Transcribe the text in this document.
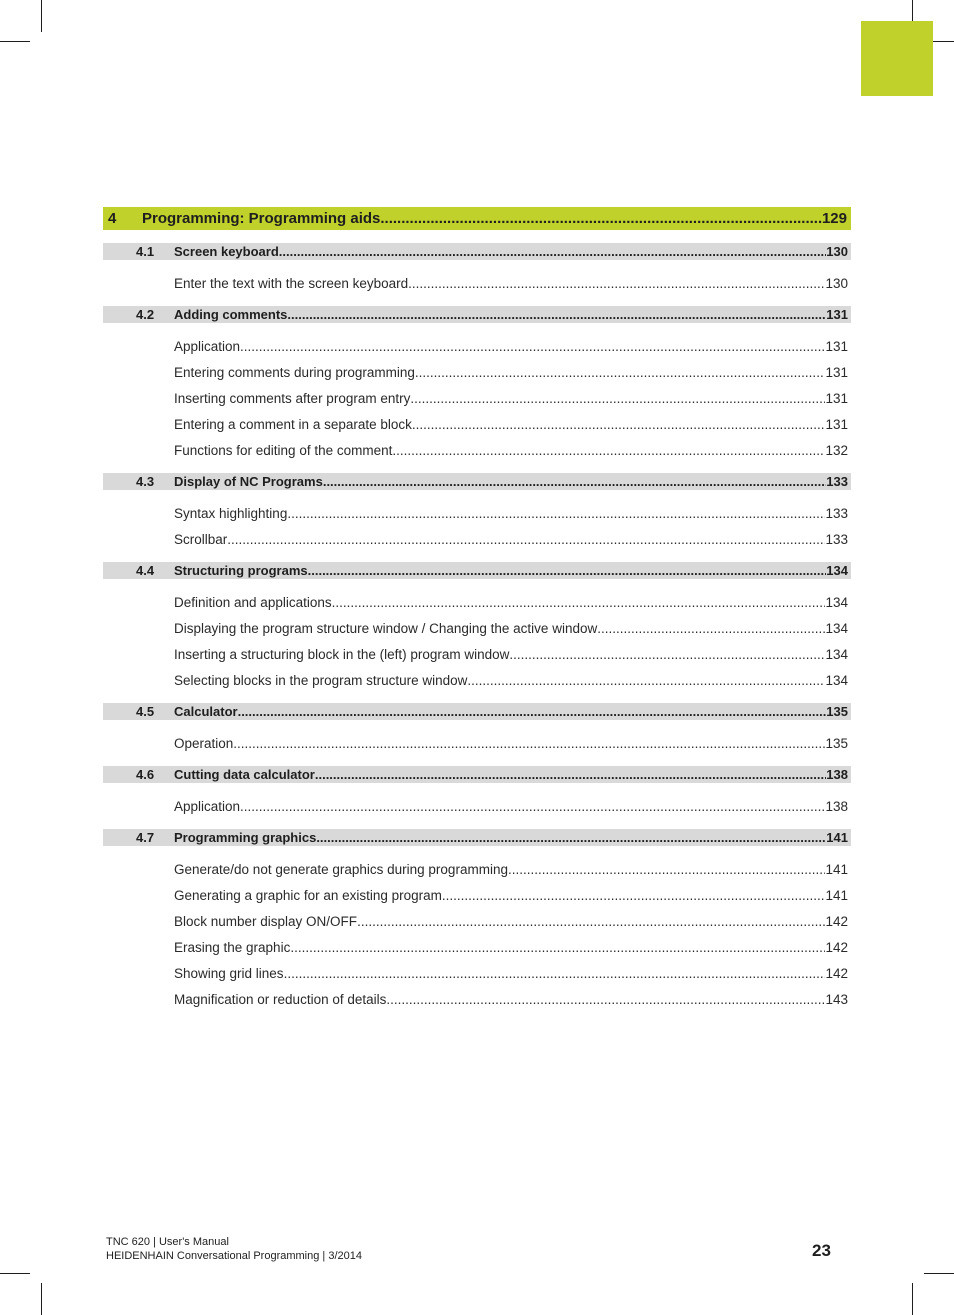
4	Programming: Programming aids .....	129
4.1	Screen keyboard .....	130
Enter the text with the screen keyboard .....	130
4.2	Adding comments .....	131
Application .....	131
Entering comments during programming .....	131
Inserting comments after program entry .....	131
Entering a comment in a separate block .....	131
Functions for editing of the comment .....	132
4.3	Display of NC Programs .....	133
Syntax highlighting .....	133
Scrollbar .....	133
4.4	Structuring programs .....	134
Definition and applications .....	134
Displaying the program structure window / Changing the active window .....	134
Inserting a structuring block in the (left) program window .....	134
Selecting blocks in the program structure window .....	134
4.5	Calculator .....	135
Operation .....	135
4.6	Cutting data calculator .....	138
Application .....	138
4.7	Programming graphics .....	141
Generate/do not generate graphics during programming .....	141
Generating a graphic for an existing program .....	141
Block number display ON/OFF .....	142
Erasing the graphic .....	142
Showing grid lines .....	142
Magnification or reduction of details .....	143
TNC 620 | User's Manual
HEIDENHAIN Conversational Programming | 3/2014	23
